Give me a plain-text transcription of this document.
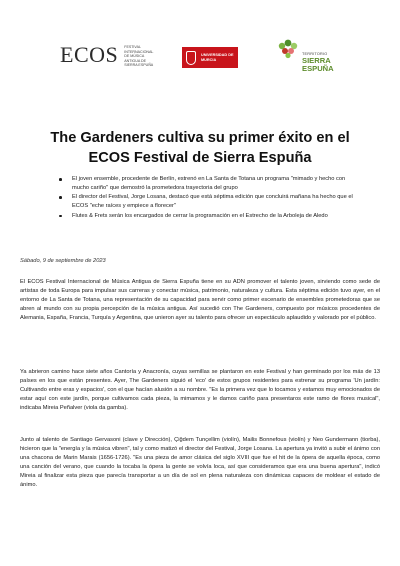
ECOS FESTIVAL
INTERNACIONAL
DE MÚSICA
ANTIGUA DE
SIERRA ESPUÑA
UNIVERSIDAD DE
MURCIA
TERRITORIO
SIERRA
ESPUÑA
The Gardeners cultiva su primer éxito en el ECOS Festival de Sierra Espuña
El joven ensemble, procedente de Berlín, estrenó en La Santa de Totana un programa "mimado y hecho con mucho cariño" que demostró la prometedora trayectoria del grupo
El director del Festival, Jorge Losana, destacó que está séptima edición que concluirá mañana ha hecho que el ECOS "eche raíces y empiece a florecer"
Flutes & Frets serán los encargados de cerrar la programación en el Estrecho de la Arboleja de Aledo

Sábado, 9 de septiembre de 2023

El ECOS Festival Internacional de Música Antigua de Sierra Espuña tiene en su ADN promover el talento joven, sirviendo como sede de artistas de toda Europa para impulsar sus carreras y conectar música, patrimonio, naturaleza y cultura. Esta séptima edición tuvo ayer, en el entorno de La Santa de Totana, una representación de su capacidad para servir como primer escenario de ensembles prometedoras que se abren al mundo con su propia percepción de la música antigua. Así sucedió con The Gardeners, compuesto por músicos procedentes de Alemania, España, Francia, Turquía y Argentina, que unieron ayer su talento para ofrecer un espectáculo aplaudido y valorado por el público.

Ya abrieron camino hace siete años Cantoría y Anacronía, cuyas semillas se plantaron en este Festival y han germinado por los más de 13 países en los que están presentes. Ayer, The Gardeners siguió el 'eco' de estos grupos residentes para estrenar su programa 'Un jardín: Cultivando entre eras y espacios', con el que hacían alusión a su nombre. "Es la primera vez que lo tocamos y estamos muy emocionados de estar aquí con este jardín, porque cultivamos cada pieza, la mimamos y le damos cariño para presentaros este ramo de flores musical", indicaba Mireia Peñalver (viola da gamba).

Junto al talento de Santiago Gervasoni (clave y Dirección), Çiğdem Tunçellim (violín), Mailis Bonnefous (violín) y Neo Gundermann (tiorba), hicieron que la "energía y la música vibren", tal y como matizó el director del Festival, Jorge Losana. La apertura ya invitó a subir el ánimo con una chacona de Marin Marais (1656-1726). "Es una pieza de amor clásica del siglo XVIII que fue el hit de la ópera de aquella época, como una canción del verano, que cuando la tocaba la ópera la gente se volvía loca, así que consideramos que era una buena apertura", indicó Mireia al finalizar esta pieza que parecía transportar a un día de sol en plena naturaleza con dinámicas capaces de moldear el estado de ánimo.
